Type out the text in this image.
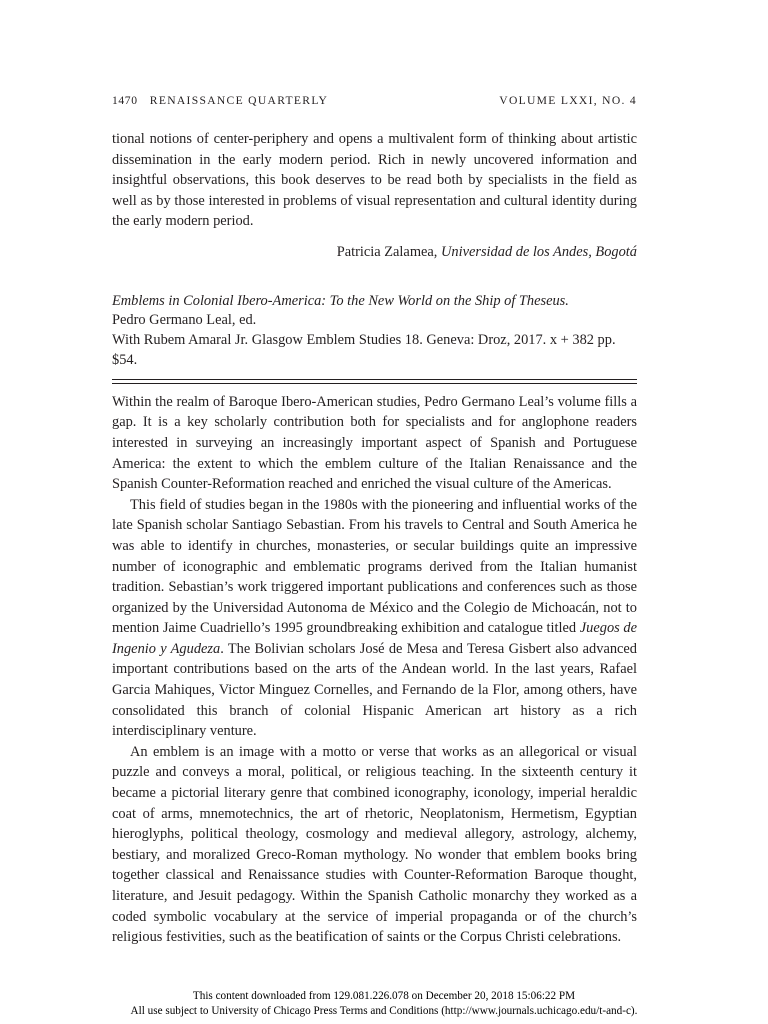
1470 RENAISSANCE QUARTERLY	VOLUME LXXI, NO. 4

tional notions of center-periphery and opens a multivalent form of thinking about artistic dissemination in the early modern period. Rich in newly uncovered information and insightful observations, this book deserves to be read both by specialists in the field as well as by those interested in problems of visual representation and cultural identity during the early modern period.

Patricia Zalamea, Universidad de los Andes, Bogotá
Emblems in Colonial Ibero-America: To the New World on the Ship of Theseus.
Pedro Germano Leal, ed.
With Rubem Amaral Jr. Glasgow Emblem Studies 18. Geneva: Droz, 2017. x + 382 pp. $54.

Within the realm of Baroque Ibero-American studies, Pedro Germano Leal’s volume fills a gap. It is a key scholarly contribution both for specialists and for anglophone readers interested in surveying an increasingly important aspect of Spanish and Portuguese America: the extent to which the emblem culture of the Italian Renaissance and the Spanish Counter-Reformation reached and enriched the visual culture of the Americas.

This field of studies began in the 1980s with the pioneering and influential works of the late Spanish scholar Santiago Sebastian. From his travels to Central and South America he was able to identify in churches, monasteries, or secular buildings quite an impressive number of iconographic and emblematic programs derived from the Italian humanist tradition. Sebastian’s work triggered important publications and conferences such as those organized by the Universidad Autonoma de México and the Colegio de Michoacán, not to mention Jaime Cuadriello’s 1995 groundbreaking exhibition and catalogue titled Juegos de Ingenio y Agudeza. The Bolivian scholars José de Mesa and Teresa Gisbert also advanced important contributions based on the arts of the Andean world. In the last years, Rafael Garcia Mahiques, Victor Minguez Cornelles, and Fernando de la Flor, among others, have consolidated this branch of colonial Hispanic American art history as a rich interdisciplinary venture.

An emblem is an image with a motto or verse that works as an allegorical or visual puzzle and conveys a moral, political, or religious teaching. In the sixteenth century it became a pictorial literary genre that combined iconography, iconology, imperial heraldic coat of arms, mnemotechnics, the art of rhetoric, Neoplatonism, Hermetism, Egyptian hieroglyphs, political theology, cosmology and medieval allegory, astrology, alchemy, bestiary, and moralized Greco-Roman mythology. No wonder that emblem books bring together classical and Renaissance studies with Counter-Reformation Baroque thought, literature, and Jesuit pedagogy. Within the Spanish Catholic monarchy they worked as a coded symbolic vocabulary at the service of imperial propaganda or of the church’s religious festivities, such as the beatification of saints or the Corpus Christi celebrations.

This content downloaded from 129.081.226.078 on December 20, 2018 15:06:22 PM
All use subject to University of Chicago Press Terms and Conditions (http://www.journals.uchicago.edu/t-and-c).
